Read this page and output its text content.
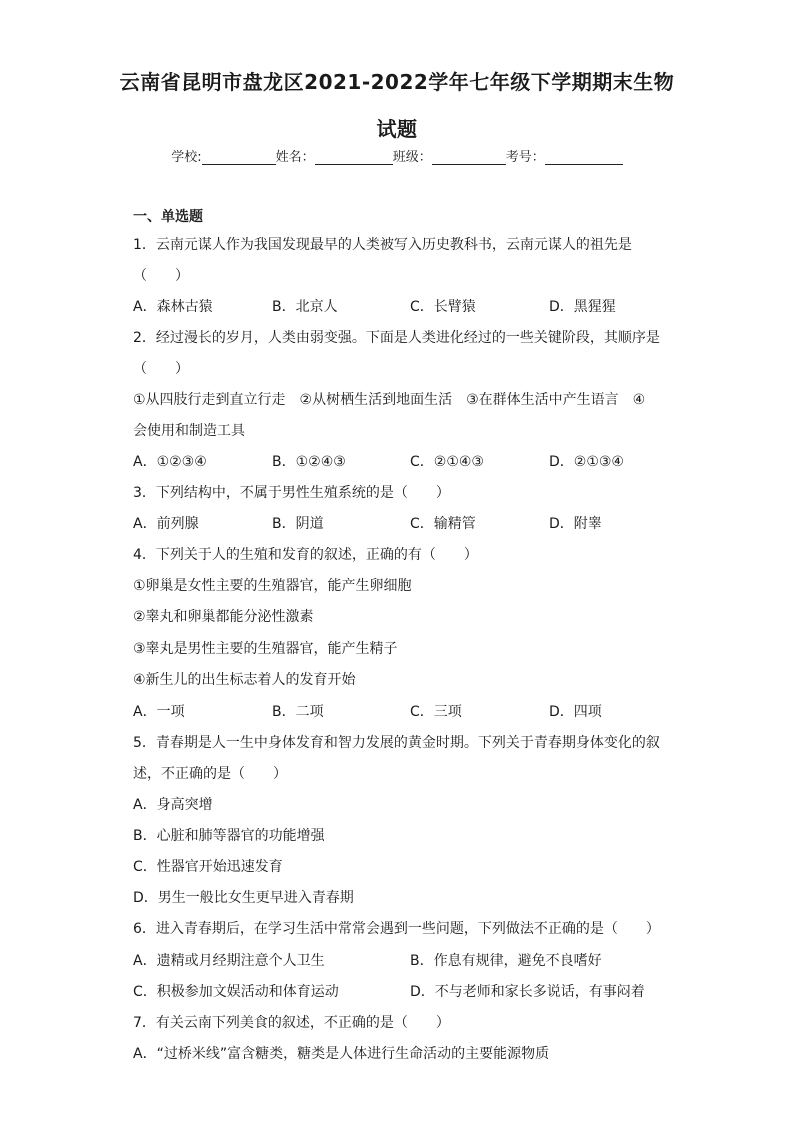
云南省昆明市盘龙区2021-2022学年七年级下学期期末生物
试题
学校:	姓名：	班级：	考号：
一、单选题
1．云南元谋人作为我国发现最早的人类被写入历史教科书，云南元谋人的祖先是
（　　）
A．森林古猿	B．北京人	C．长臂猿	D．黑猩猩
2．经过漫长的岁月，人类由弱变强。下面是人类进化经过的一些关键阶段，其顺序是
（　　）
①从四肢行走到直立行走　②从树栖生活到地面生活　③在群体生活中产生语言　④
会使用和制造工具
A．①②③④	B．①②④③	C．②①④③	D．②①③④
3．下列结构中，不属于男性生殖系统的是（　　）
A．前列腺	B．阴道	C．输精管	D．附睾
4．下列关于人的生殖和发育的叙述，正确的有（　　）
①卵巢是女性主要的生殖器官，能产生卵细胞
②睾丸和卵巢都能分泌性激素
③睾丸是男性主要的生殖器官，能产生精子
④新生儿的出生标志着人的发育开始
A．一项	B．二项	C．三项	D．四项
5．青春期是人一生中身体发育和智力发展的黄金时期。下列关于青春期身体变化的叙
述，不正确的是（　　）
A．身高突增
B．心脏和肺等器官的功能增强
C．性器官开始迅速发育
D．男生一般比女生更早进入青春期
6．进入青春期后，在学习生活中常常会遇到一些问题，下列做法不正确的是（　　）
A．遗精或月经期注意个人卫生	B．作息有规律，避免不良嗜好
C．积极参加文娱活动和体育运动	D．不与老师和家长多说话，有事闷着
7．有关云南下列美食的叙述，不正确的是（　　）
A．“过桥米线”富含糖类，糖类是人体进行生命活动的主要能源物质
